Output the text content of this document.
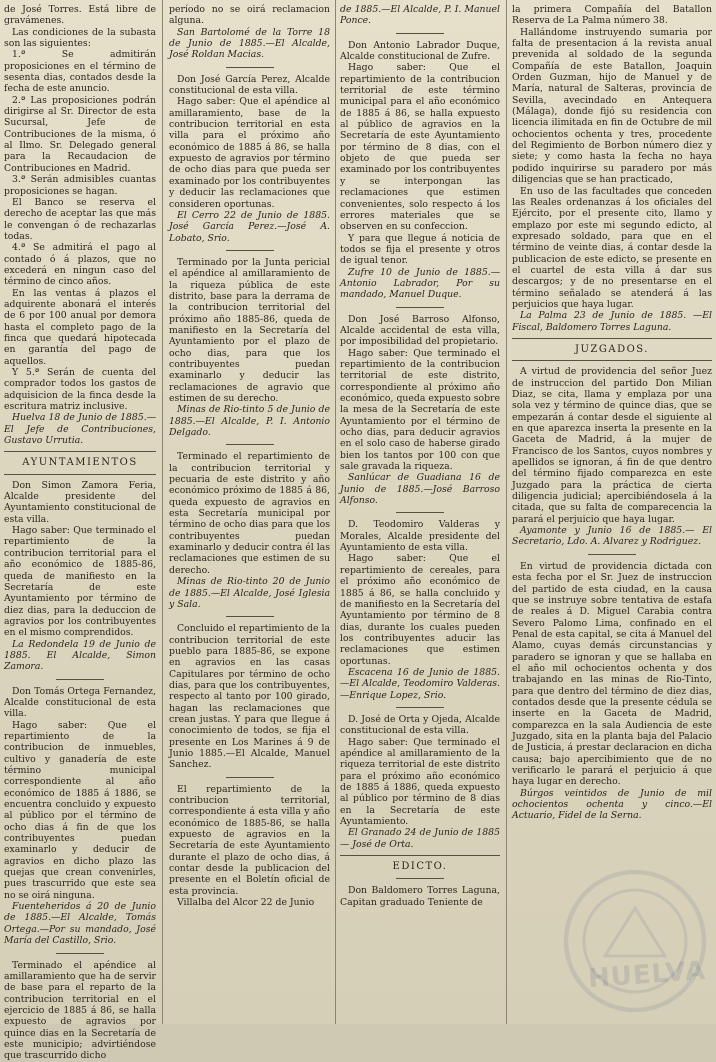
de José Torres. Está libre de gravámenes.

Las condiciones de la subasta son las siguientes:

1.ª Se admitirán proposiciones en el término de sesenta dias, contados desde la fecha de este anuncio.

2.ª Las proposiciones podrán dirigirse al Sr. Director de esta Sucursal, Jefe de Contribuciones de la misma, ó al Ilmo. Sr. Delegado general para la Recaudacion de Contribuciones en Madrid.

3.ª Serán admisibles cuantas proposiciones se hagan.

El Banco se reserva el derecho de aceptar las que más le convengan ó de rechazarlas todas.

4.ª Se admitirá el pago al contado ó á plazos, que no excederá en ningun caso del término de cinco años.

En las ventas á plazos el adquirente abonará el interés de 6 por 100 anual por demora hasta el completo pago de la finca que quedará hipotecada en garantía del pago de aquellos.

Y 5.ª Serán de cuenta del comprador todos los gastos de adquisicion de la finca desde la escritura matriz inclusive.

Huelva 18 de Junio de 1885.—El Jefe de Contribuciones, Gustavo Urrutia.

AYUNTAMIENTOS

Don Simon Zamora Feria, Alcalde presidente del Ayuntamiento constitucional de esta villa.

Hago saber: Que terminado el repartimiento de la contribucion territorial para el año económico de 1885-86, queda de manifiesto en la Secretaría de este Ayuntamiento por término de diez dias, para la deduccion de agravios por los contribuyentes en el mismo comprendidos.

La Redondela 19 de Junio de 1885. El Alcalde, Simon Zamora.

Don Tomás Ortega Fernandez, Alcalde constitucional de esta villa.

Hago saber: Que el repartimiento de la contribucion de inmuebles, cultivo y ganadería de este término municipal correspondiente al año económico de 1885 á 1886, se encuentra concluido y expuesto al público por el término de ocho dias á fin de que los contribuyentes puedan examinarlo y deducir de agravios en dicho plazo las quejas que crean convenirles, pues trascurrido que este sea no se oirá ninguna.

Fuenteheridos á 20 de Junio de 1885.—El Alcalde, Tomás Ortega.—Por su mandado, José María del Castillo, Srio.

Terminado el apéndice al amillaramiento que ha de servir de base para el reparto de la contribucion territorial en el ejercicio de 1885 á 86, se halla expuesto de agravios por quince dias en la Secretaría de este municipio; advirtiéndose que trascurrido dicho

período no se oirá reclamacion alguna.

San Bartolomé de la Torre 18 de Junio de 1885.—El Alcalde, José Roldan Macias.

Don José García Perez, Alcalde constitucional de esta villa.

Hago saber: Que el apéndice al amillaramiento, base de la contribucion territorial en esta villa para el próximo año económico de 1885 á 86, se halla expuesto de agravios por término de ocho dias para que pueda ser examinado por los contribuyentes y deducir las reclamaciones que consideren oportunas.

El Cerro 22 de Junio de 1885. José García Perez.—José A. Lobato, Srio.

Terminado por la Junta pericial el apéndice al amillaramiento de la riqueza pública de este distrito, base para la derrama de la contribucion territorial del próximo año 1885-86, queda de manifiesto en la Secretaría del Ayuntamiento por el plazo de ocho dias, para que los contribuyentes puedan examinarlo y deducir las reclamaciones de agravio que estimen de su derecho.

Minas de Rio-tinto 5 de Junio de 1885.—El Alcalde, P. I. Antonio Delgado.

Terminado el repartimiento de la contribucion territorial y pecuaria de este distrito y año económico próximo de 1885 á 86, queda expuesto de agravios en esta Secretaría municipal por término de ocho dias para que los contribuyentes puedan examinarlo y deducir contra él las reclamaciones que estimen de su derecho.

Minas de Rio-tinto 20 de Junio de 1885.—El Alcalde, José Iglesia y Sala.

Concluido el repartimiento de la contribucion territorial de este pueblo para 1885-86, se expone en agravios en las casas Capitulares por término de ocho dias, para que los contribuyentes, respecto al tanto por 100 girado, hagan las reclamaciones que crean justas. Y para que llegue á conocimiento de todos, se fija el presente en Los Marines á 9 de Junio 1885.—El Alcalde, Manuel Sanchez.

El repartimiento de la contribucion territorial, correspondiente á esta villa y año económico de 1885-86, se halla expuesto de agravios en la Secretaría de este Ayuntamiento durante el plazo de ocho dias, á contar desde la publicacion del presente en el Boletín oficial de esta provincia.

Villalba del Alcor 22 de Junio

de 1885.—El Alcalde, P. I. Manuel Ponce.

Don Antonio Labrador Duque, Alcalde constitucional de Zufre.

Hago saber: Que el repartimiento de la contribucion territorial de este término municipal para el año económico de 1885 á 86, se halla expuesto al público de agravios en la Secretaría de este Ayuntamiento por término de 8 dias, con el objeto de que pueda ser examinado por los contribuyentes y se interpongan las reclamaciones que estimen convenientes, solo respecto á los errores materiales que se observen en su confeccion.

Y para que llegue á noticia de todos se fija el presente y otros de igual tenor.

Zufre 10 de Junio de 1885.—Antonio Labrador, Por su mandado, Manuel Duque.

Don José Barroso Alfonso, Alcalde accidental de esta villa, por imposibilidad del propietario.

Hago saber: Que terminado el repartimiento de la contribucion territorial de este distrito, correspondiente al próximo año económico, queda expuesto sobre la mesa de la Secretaría de este Ayuntamiento por el término de ocho dias, para deducir agravios en el solo caso de haberse girado bien los tantos por 100 con que sale gravada la riqueza.

Sanlúcar de Guadiana 16 de Junio de 1885.—José Barroso Alfonso.

D. Teodomiro Valderas y Morales, Alcalde presidente del Ayuntamiento de esta villa.

Hago saber: Que el repartimiento de cereales, para el próximo año económico de 1885 á 86, se halla concluido y de manifiesto en la Secretaría del Ayuntamiento por término de 8 dias, durante los cuales pueden los contribuyentes aducir las reclamaciones que estimen oportunas.

Escacena 16 de Junio de 1885. —El Alcalde, Teodomiro Valderas.—Enrique Lopez, Srio.

D. José de Orta y Ojeda, Alcalde constitucional de esta villa.

Hago saber: Que terminado el apéndice al amillaramiento de la riqueza territorial de este distrito para el próximo año económico de 1885 á 1886, queda expuesto al público por término de 8 dias en la Secretaría de este Ayuntamiento.

El Granado 24 de Junio de 1885 — José de Orta.

EDICTO.

Don Baldomero Torres Laguna, Capitan graduado Teniente de

la primera Compañía del Batallon Reserva de La Palma número 38.

Hallándome instruyendo sumaria por falta de presentacion á la revista anual prevenida al soldado de la segunda Compañía de este Batallon, Joaquin Orden Guzman, hijo de Manuel y de María, natural de Salteras, provincia de Sevilla, avecindado en Antequera (Málaga), donde fijó su residencia con licencia ilimitada en fin de Octubre de mil ochocientos ochenta y tres, procedente del Regimiento de Borbon número diez y siete; y como hasta la fecha no haya podido inquirirse su paradero por más diligencias que se han practicado,

En uso de las facultades que conceden las Reales ordenanzas á los oficiales del Ejército, por el presente cito, llamo y emplazo por este mi segundo edicto, al expresado soldado, para que en el término de veinte dias, á contar desde la publicacion de este edicto, se presente en el cuartel de esta villa á dar sus descargos; y de no presentarse en el término señalado se atenderá á las perjuicios que haya lugar.

La Palma 23 de Junio de 1885. —El Fiscal, Baldomero Torres Laguna.

JUZGADOS.

A virtud de providencia del señor Juez de instruccion del partido Don Milian Diaz, se cita, llama y emplaza por una sola vez y término de quince dias, que se empezarán á contar desde el siguiente al en que aparezca inserta la presente en la Gaceta de Madrid, á la mujer de Francisco de los Santos, cuyos nombres y apellidos se ignoran, á fin de que dentro del término fijado comparezca en este Juzgado para la práctica de cierta diligencia judicial; apercibiéndosela á la citada, que su falta de comparecencia la parará el perjuicio que haya lugar.

Ayamonte y Junio 16 de 1885.— El Secretario, Ldo. A. Alvarez y Rodriguez.

En virtud de providencia dictada con esta fecha por el Sr. Juez de instruccion del partido de esta ciudad, en la causa que se instruye sobre tentativa de estafa de reales á D. Miguel Carabia contra Severo Palomo Lima, confinado en el Penal de esta capital, se cita á Manuel del Alamo, cuyas demás circunstancias y paradero se ignoran y que se hallaba en el año mil ochocientos ochenta y dos trabajando en las minas de Rio-Tinto, para que dentro del término de diez dias, contados desde que la presente cédula se inserte en la Gaceta de Madrid, comparezca en la sala Audiencia de este Juzgado, sita en la planta baja del Palacio de Justicia, á prestar declaracion en dicha causa; bajo apercibimiento que de no verificarlo le parará el perjuicio á que haya lugar en derecho.

Búrgos veintidos de Junio de mil ochocientos ochenta y cinco.—El Actuario, Fidel de la Serna.

HUELVA
